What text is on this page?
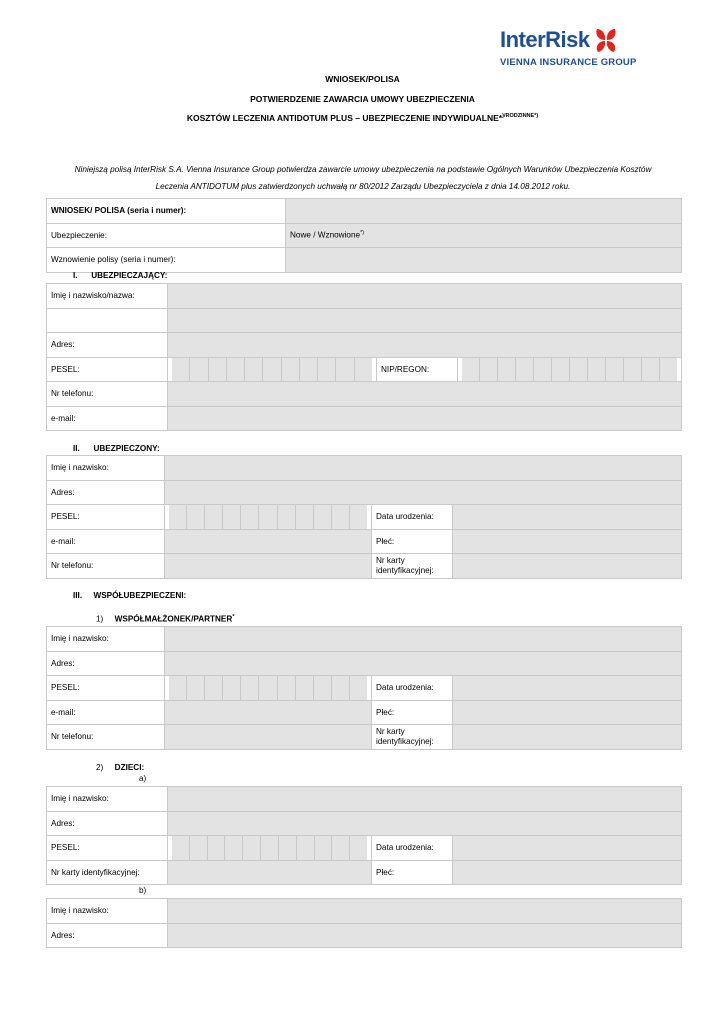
InterRisk
VIENNA INSURANCE GROUP
WNIOSEK/POLISA
POTWIERDZENIE ZAWARCIA UMOWY UBEZPIECZENIA
KOSZTÓW LECZENIA ANTIDOTUM PLUS – UBEZPIECZENIE INDYWIDUALNE*$^{)/RODZINNE*)}$
Niniejszą polisą InterRisk S.A. Vienna Insurance Group potwierdza zawarcie umowy ubezpieczenia na podstawie Ogólnych Warunków Ubezpieczenia Kosztów
Leczenia ANTIDOTUM plus zatwierdzonych uchwałą nr 80/2012 Zarządu Ubezpieczyciela z dnia 14.08.2012 roku.
WNIOSEK/ POLISA (seria i numer):	
Ubezpieczenie:	Nowe / Wznowione*)
Wznowienie polisy (seria i numer):	
I. UBEZPIECZAJĄCY:
Imię i nazwisko/nazwa:			

Adres:			
PESEL:		NIP/REGON:	

Nr telefonu:			
e-mail:			
II. UBEZPIECZONY:
Imię i nazwisko:			
Adres:			
PESEL:		Data urodzenia:	
e-mail:		Płeć:	
Nr telefonu:		Nr karty
identyfikacyjnej:	

III. WSPÓŁUBEZPIECZENI:
1) WSPÓŁMAŁŻONEK/PARTNER*
Imię i nazwisko:			
Adres:			
PESEL:		Data urodzenia:	
e-mail:		Płeć:	
Nr telefonu:		Nr karty
identyfikacyjnej:	

2) DZIECI:
a)
Imię i nazwisko:			
Adres:			
PESEL:		Data urodzenia:	
Nr karty identyfikacyjnej:		Płeć:	
b)
Imię i nazwisko:	
Adres:	
